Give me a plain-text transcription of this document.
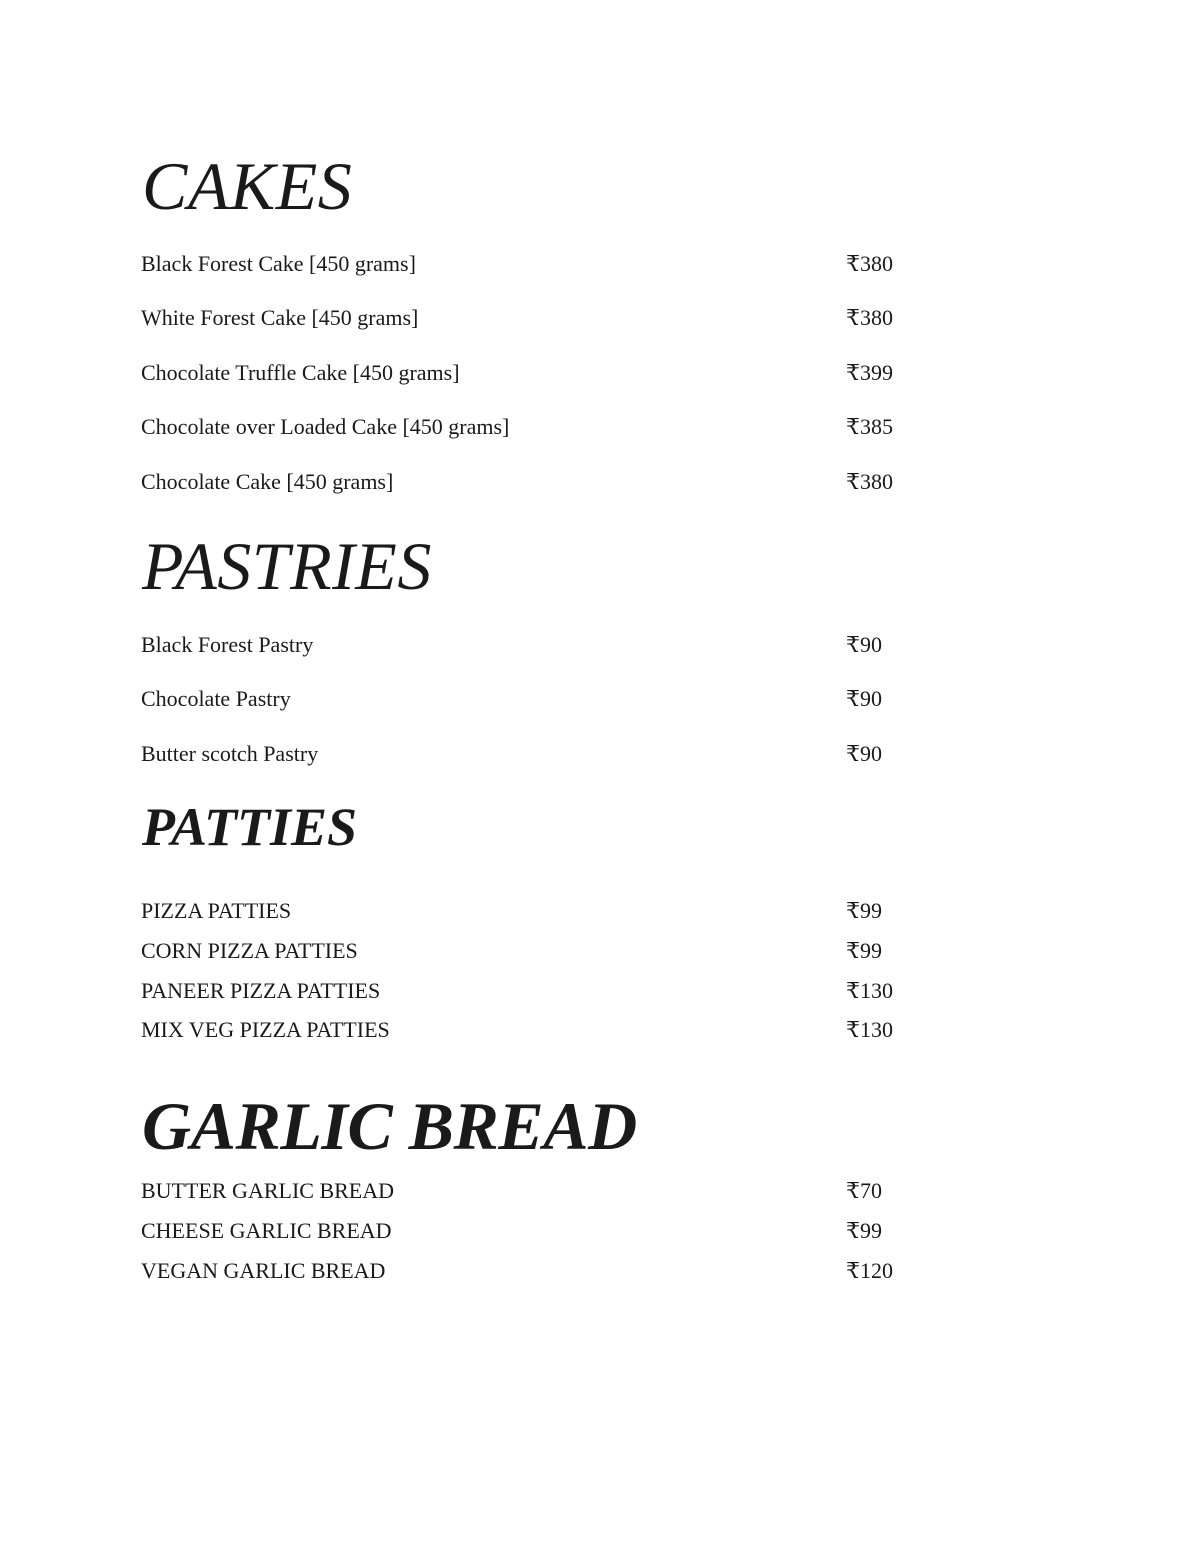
CAKES
Black Forest Cake [450 grams]	₹380
White Forest Cake [450 grams]	₹380
Chocolate Truffle Cake [450 grams]	₹399
Chocolate over Loaded Cake [450 grams]	₹385
Chocolate Cake [450 grams]	₹380
PASTRIES
Black Forest Pastry	₹90
Chocolate Pastry	₹90
Butter scotch Pastry	₹90
PATTIES
PIZZA PATTIES	₹99
CORN PIZZA PATTIES	₹99
PANEER PIZZA PATTIES	₹130
MIX VEG PIZZA PATTIES	₹130
GARLIC BREAD
BUTTER GARLIC BREAD	₹70
CHEESE GARLIC BREAD	₹99
VEGAN GARLIC BREAD	₹120
